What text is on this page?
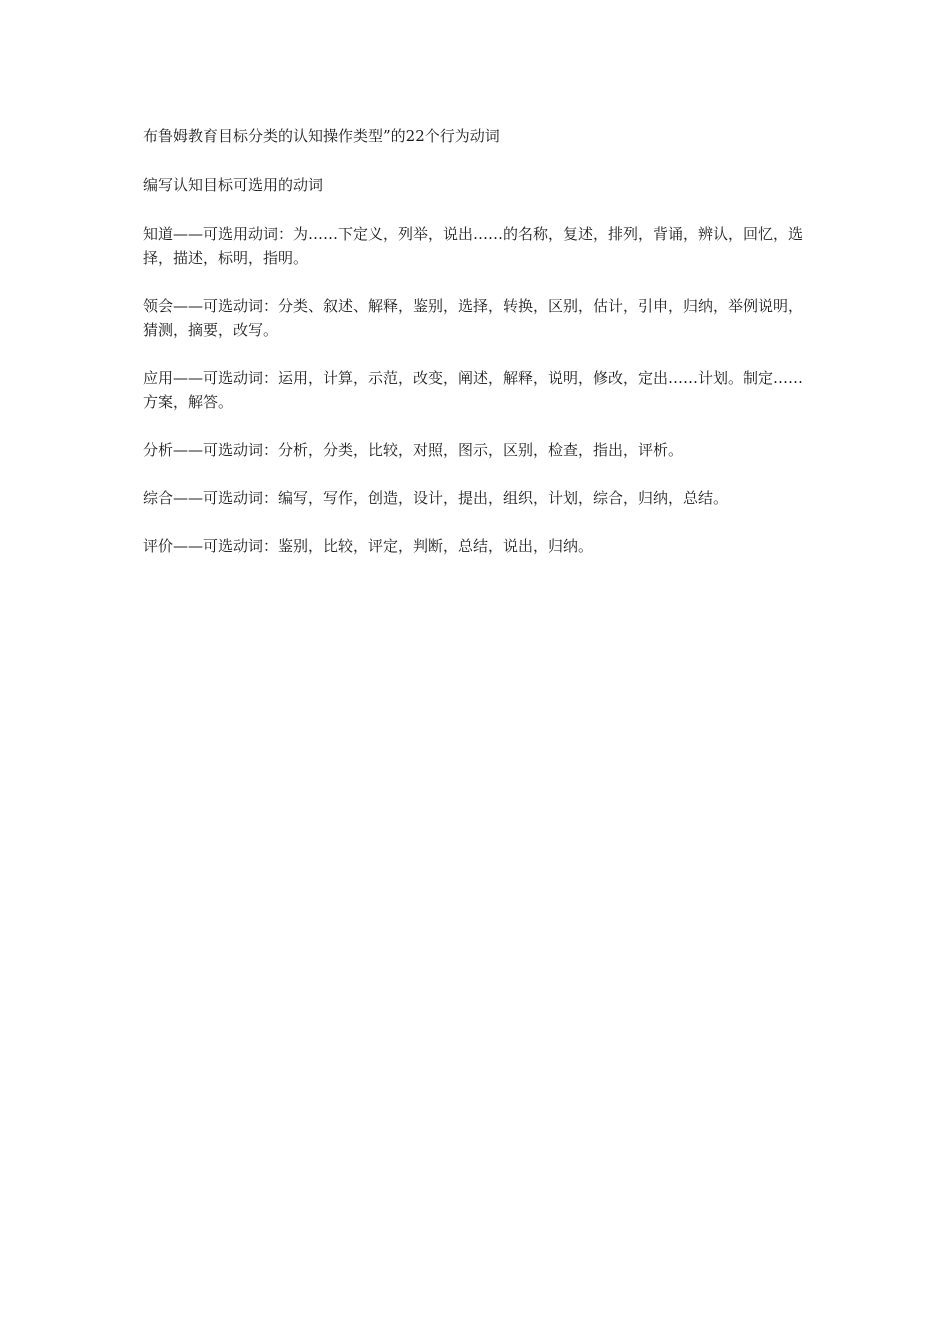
布鲁姆教育目标分类的认知操作类型”的22个行为动词

编写认知目标可选用的动词

知道——可选用动词：为……下定义，列举，说出……的名称，复述，排列，背诵，辨认，回忆，选择，描述，标明，指明。

领会——可选动词：分类、叙述、解释，鉴别，选择，转换，区别，估计，引申，归纳，举例说明，猜测，摘要，改写。

应用——可选动词：运用，计算，示范，改变，阐述，解释，说明，修改，定出……计划。制定……方案，解答。

分析——可选动词：分析，分类，比较，对照，图示，区别，检查，指出，评析。

综合——可选动词：编写，写作，创造，设计，提出，组织，计划，综合，归纳，总结。

评价——可选动词：鉴别，比较，评定，判断，总结，说出，归纳。
